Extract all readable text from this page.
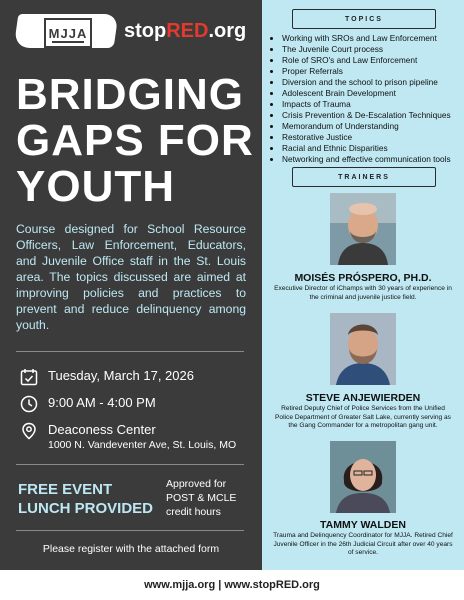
MJJA stopRED.org
BRIDGING
GAPS FOR
YOUTH
Course designed for School Resource Officers, Law Enforcement, Educators, and Juvenile Office staff in the St. Louis area. The topics discussed are aimed at improving policies and practices to prevent and reduce delinquency among youth.
Tuesday, March 17, 2026
9:00 AM - 4:00 PM
Deaconess Center
1000 N. Vandeventer Ave, St. Louis, MO
FREE EVENT
LUNCH PROVIDED
Approved for
POST & MCLE
credit hours
Please register with the attached form
TOPICS
• Working with SROs and Law Enforcement
• The Juvenile Court process
• Role of SRO's and Law Enforcement
• Proper Referrals
• Diversion and the school to prison pipeline
• Adolescent Brain Development
• Impacts of Trauma
• Crisis Prevention & De-Escalation Techniques
• Memorandum of Understanding
• Restorative Justice
• Racial and Ethnic Disparities
• Networking and effective communication tools
TRAINERS
MOISÉS PRÓSPERO, PH.D.
Executive Director of iChamps with 30 years of experience in the criminal and juvenile justice field.
STEVE ANJEWIERDEN
Retired Deputy Chief of Police Services from the Unified Police Department of Greater Salt Lake, currently serving as the Gang Commander for a metropolitan gang unit.
TAMMY WALDEN
Trauma and Delinquency Coordinator for MJJA. Retired Chief Juvenile Officer in the 26th Judicial Circuit after over 40 years of service.
www.mjja.org | www.stopRED.org
